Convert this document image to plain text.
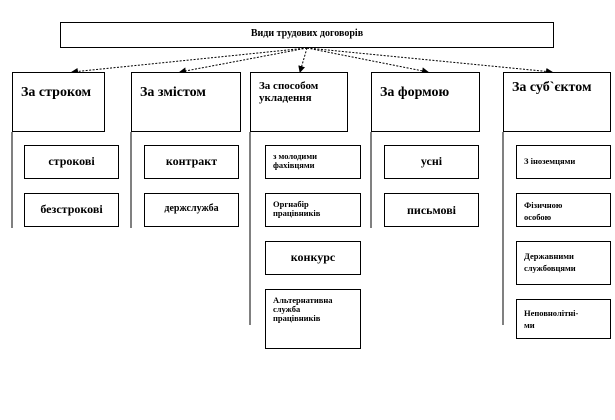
Види трудових договорів
За строком
строкові
безстрокові
За змістом
контракт
держслужба
За способом укладення
з молодими фахівцями
Оргнабір працівників
конкурс
Альтернативна служба працівників
За формою
усні
письмові
За суб`єктом
З іноземцями
Фізичною особою
Державними службовцями
Неповнолітні-ми
